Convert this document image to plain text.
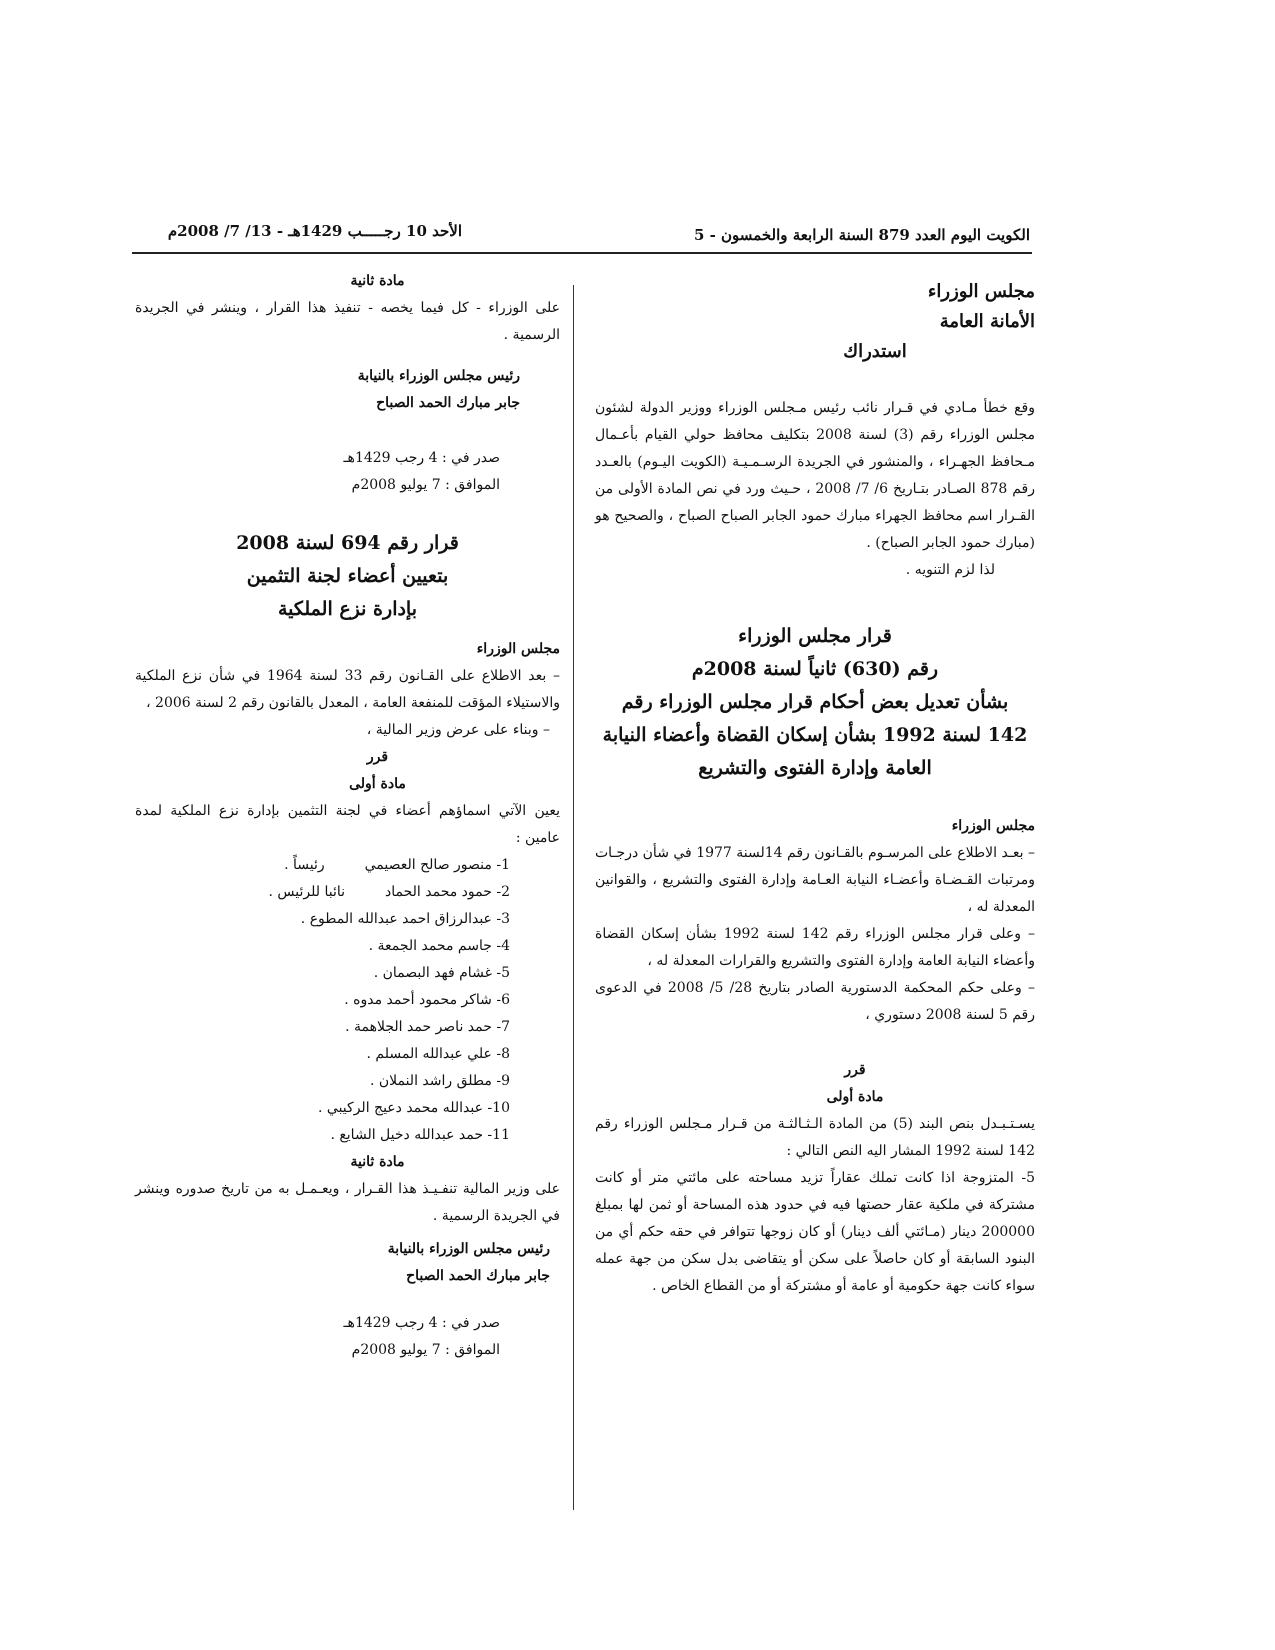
الكويت اليوم العدد 879 السنة الرابعة والخمسون - 5
الأحد 10 رجـــــب 1429هـ - 13/ 7/ 2008م

مجلس الوزراء

الأمانة العامة

استدراك

وقع خطأ مـادي في قـرار نائب رئيس مـجلس الوزراء ووزير الدولة لشئون مجلس الوزراء رقم (3) لسنة 2008 بتكليف محافظ حولي القيام بأعـمال مـحافظ الجهـراء ، والمنشور في الجريدة الرسـمـيـة (الكويت اليـوم) بالعـدد رقم 878 الصـادر بتـاريخ 6/ 7/ 2008 ، حـيث ورد في نص المادة الأولى من القـرار اسم محافظ الجهراء مبارك حمود الجابر الصباح الصباح ، والصحيح هو (مبارك حمود الجابر الصباح) .

لذا لزم التنويه .

قرار مجلس الوزراء

رقم (630) ثانياً لسنة 2008م

بشأن تعديل بعض أحكام قرار مجلس الوزراء رقم

142 لسنة 1992 بشأن إسكان القضاة وأعضاء النيابة

العامة وإدارة الفتوى والتشريع

مجلس الوزراء

– بعـد الاطلاع على المرسـوم بالقـانون رقم 14لسنة 1977 في شأن درجـات ومرتبات القـضـاة وأعضـاء النيابة العـامة وإدارة الفتوى والتشريع ، والقوانين المعدلة له ،

– وعلى قرار مجلس الوزراء رقم 142 لسنة 1992 بشأن إسكان القضاة وأعضاء النيابة العامة وإدارة الفتوى والتشريع والقرارات المعدلة له ،

– وعلى حكم المحكمة الدستورية الصادر بتاريخ 28/ 5/ 2008 في الدعوى رقم 5 لسنة 2008 دستوري ،

قرر

مادة أولى

يسـتـبـدل بنص البند (5) من المادة الـثـالثـة من قـرار مـجلس الوزراء رقم 142 لسنة 1992 المشار اليه النص التالي :

5- المتزوجة اذا كانت تملك عقاراً تزيد مساحته على مائتي متر أو كانت مشتركة في ملكية عقار حصتها فيه في حدود هذه المساحة أو ثمن لها بمبلغ 200000 دينار (مـائتي ألف دينار) أو كان زوجها تتوافر في حقه حكم أي من البنود السابقة أو كان حاصلاً على سكن أو يتقاضى بدل سكن من جهة عمله سواء كانت جهة حكومية أو عامة أو مشتركة أو من القطاع الخاص .

مادة ثانية

على الوزراء - كل فيما يخصه - تنفيذ هذا القرار ، وينشر في الجريدة الرسمية .

رئيس مجلس الوزراء بالنيابة

جابر مبارك الحمد الصباح

صدر في : 4 رجب 1429هـ

الموافق : 7 يوليو 2008م

قرار رقم 694 لسنة 2008

بتعيين أعضاء لجنة التثمين

بإدارة نزع الملكية

مجلس الوزراء

– بعد الاطلاع على القـانون رقم 33 لسنة 1964 في شأن نزع الملكية والاستيلاء المؤقت للمنفعة العامة ، المعدل بالقانون رقم 2 لسنة 2006 ،

– وبناء على عرض وزير المالية ،

قرر

مادة أولى

يعين الآتي اسماؤهم أعضاء في لجنة التثمين بإدارة نزع الملكية لمدة عامين :

1- منصور صالح العصيمي
رئيساً .
2- حمود محمد الحماد
نائبا للرئيس .
3- عبدالرزاق احمد عبدالله المطوع .
4- جاسم محمد الجمعة .
5- غشام فهد البصمان .
6- شاكر محمود أحمد مدوه .
7- حمد ناصر حمد الجلاهمة .
8- علي عبدالله المسلم .
9- مطلق راشد النملان .
10- عبدالله محمد دعيج الركيبي .
11- حمد عبدالله دخيل الشايع .

مادة ثانية

على وزير المالية تنفـيـذ هذا القـرار ، ويعـمـل به من تاريخ صدوره وينشر في الجريدة الرسمية .

رئيس مجلس الوزراء بالنيابة

جابر مبارك الحمد الصباح

صدر في : 4 رجب 1429هـ

الموافق : 7 يوليو 2008م
